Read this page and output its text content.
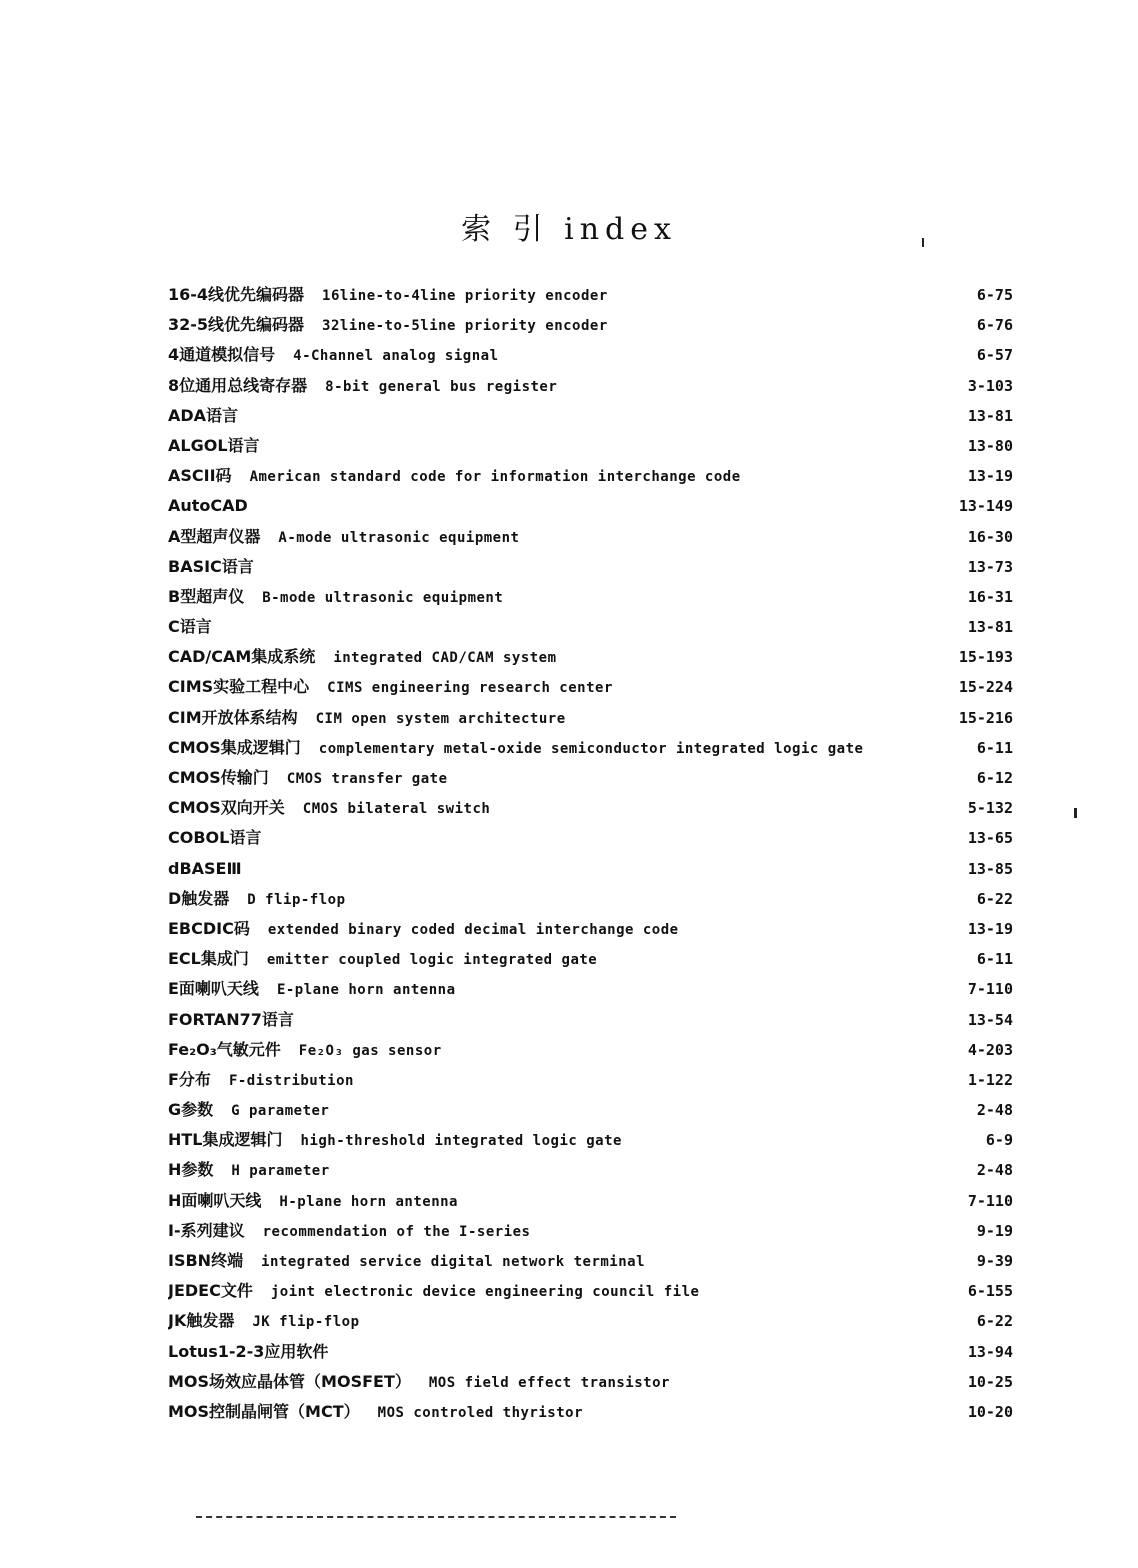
索 引 index
16-4线优先编码器 16line-to-4line priority encoder	6-75
32-5线优先编码器 32line-to-5line priority encoder	6-76
4通道模拟信号 4-Channel analog signal	6-57
8位通用总线寄存器 8-bit general bus register	3-103
ADA语言	13-81
ALGOL语言	13-80
ASCII码 American standard code for information interchange code	13-19
AutoCAD	13-149
A型超声仪器 A-mode ultrasonic equipment	16-30
BASIC语言	13-73
B型超声仪 B-mode ultrasonic equipment	16-31
C语言	13-81
CAD/CAM集成系统 integrated CAD/CAM system	15-193
CIMS实验工程中心 CIMS engineering research center	15-224
CIM开放体系结构 CIM open system architecture	15-216
CMOS集成逻辑门 complementary metal-oxide semiconductor integrated logic gate	6-11
CMOS传输门 CMOS transfer gate	6-12
CMOS双向开关 CMOS bilateral switch	5-132
COBOL语言	13-65
dBASEⅢ	13-85
D触发器 D flip-flop	6-22
EBCDIC码 extended binary coded decimal interchange code	13-19
ECL集成门 emitter coupled logic integrated gate	6-11
E面喇叭天线 E-plane horn antenna	7-110
FORTAN77语言	13-54
Fe₂O₃气敏元件 Fe₂O₃ gas sensor	4-203
F分布 F-distribution	1-122
G参数 G parameter	2-48
HTL集成逻辑门 high-threshold integrated logic gate	6-9
H参数 H parameter	2-48
H面喇叭天线 H-plane horn antenna	7-110
I-系列建议 recommendation of the I-series	9-19
ISBN终端 integrated service digital network terminal	9-39
JEDEC文件 joint electronic device engineering council file	6-155
JK触发器 JK flip-flop	6-22
Lotus1-2-3应用软件	13-94
MOS场效应晶体管（MOSFET） MOS field effect transistor	10-25
MOS控制晶闸管（MCT） MOS controled thyristor	10-20
